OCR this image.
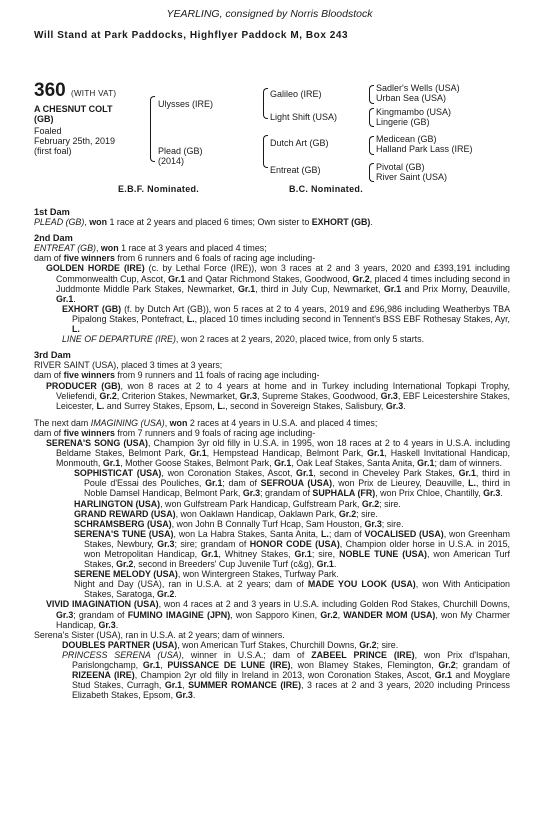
YEARLING, consigned by Norris Bloodstock
Will Stand at Park Paddocks, Highflyer Paddock M, Box 243
360 (WITH VAT)
A CHESNUT COLT
(GB)
Foaled
February 25th, 2019
(first foal)
Ulysses (IRE)
Plead (GB)
(2014)
Galileo (IRE)
Light Shift (USA)
Dutch Art (GB)
Entreat (GB)
Sadler's Wells (USA)
Urban Sea (USA)
Kingmambo (USA)
Lingerie (GB)
Medicean (GB)
Halland Park Lass (IRE)
Pivotal (GB)
River Saint (USA)
E.B.F. Nominated.	B.C. Nominated.

1st Dam

PLEAD (GB), won 1 race at 2 years and placed 6 times; Own sister to EXHORT (GB).

2nd Dam

ENTREAT (GB), won 1 race at 3 years and placed 4 times;

dam of five winners from 6 runners and 6 foals of racing age including-

GOLDEN HORDE (IRE) (c. by Lethal Force (IRE)), won 3 races at 2 and 3 years, 2020 and £393,191 including Commonwealth Cup, Ascot, Gr.1 and Qatar Richmond Stakes, Goodwood, Gr.2, placed 4 times including second in Juddmonte Middle Park Stakes, Newmarket, Gr.1, third in July Cup, Newmarket, Gr.1 and Prix Morny, Deauville, Gr.1.

EXHORT (GB) (f. by Dutch Art (GB)), won 5 races at 2 to 4 years, 2019 and £96,986 including Weatherbys TBA Pipalong Stakes, Pontefract, L., placed 10 times including second in Tennent's BSS EBF Rothesay Stakes, Ayr, L.

LINE OF DEPARTURE (IRE), won 2 races at 2 years, 2020, placed twice, from only 5 starts.

3rd Dam

RIVER SAINT (USA), placed 3 times at 3 years;

dam of five winners from 9 runners and 11 foals of racing age including-

PRODUCER (GB), won 8 races at 2 to 4 years at home and in Turkey including International Topkapi Trophy, Veliefendi, Gr.2, Criterion Stakes, Newmarket, Gr.3, Supreme Stakes, Goodwood, Gr.3, EBF Leicestershire Stakes, Leicester, L. and Surrey Stakes, Epsom, L., second in Sovereign Stakes, Salisbury, Gr.3.

The next dam IMAGINING (USA), won 2 races at 4 years in U.S.A. and placed 4 times;

dam of five winners from 7 runners and 9 foals of racing age including-

SERENA'S SONG (USA), Champion 3yr old filly in U.S.A. in 1995, won 18 races at 2 to 4 years in U.S.A. including Beldame Stakes, Belmont Park, Gr.1, Hempstead Handicap, Belmont Park, Gr.1, Haskell Invitational Handicap, Monmouth, Gr.1, Mother Goose Stakes, Belmont Park, Gr.1, Oak Leaf Stakes, Santa Anita, Gr.1; dam of winners.

SOPHISTICAT (USA), won Coronation Stakes, Ascot, Gr.1, second in Cheveley Park Stakes, Gr.1, third in Poule d'Essai des Pouliches, Gr.1; dam of SEFROUA (USA), won Prix de Lieurey, Deauville, L., third in Noble Damsel Handicap, Belmont Park, Gr.3; grandam of SUPHALA (FR), won Prix Chloe, Chantilly, Gr.3.

HARLINGTON (USA), won Gulfstream Park Handicap, Gulfstream Park, Gr.2; sire.

GRAND REWARD (USA), won Oaklawn Handicap, Oaklawn Park, Gr.2; sire.

SCHRAMSBERG (USA), won John B Connally Turf Hcap, Sam Houston, Gr.3; sire.

SERENA'S TUNE (USA), won La Habra Stakes, Santa Anita, L.; dam of VOCALISED (USA), won Greenham Stakes, Newbury, Gr.3; sire; grandam of HONOR CODE (USA), Champion older horse in U.S.A. in 2015, won Metropolitan Handicap, Gr.1, Whitney Stakes, Gr.1; sire, NOBLE TUNE (USA), won American Turf Stakes, Gr.2, second in Breeders' Cup Juvenile Turf (c&g), Gr.1.

SERENE MELODY (USA), won Wintergreen Stakes, Turfway Park.

Night and Day (USA), ran in U.S.A. at 2 years; dam of MADE YOU LOOK (USA), won With Anticipation Stakes, Saratoga, Gr.2.

VIVID IMAGINATION (USA), won 4 races at 2 and 3 years in U.S.A. including Golden Rod Stakes, Churchill Downs, Gr.3; grandam of FUMINO IMAGINE (JPN), won Sapporo Kinen, Gr.2, WANDER MOM (USA), won My Charmer Handicap, Gr.3.

Serena's Sister (USA), ran in U.S.A. at 2 years; dam of winners.

DOUBLES PARTNER (USA), won American Turf Stakes, Churchill Downs, Gr.2; sire.

PRINCESS SERENA (USA), winner in U.S.A.; dam of ZABEEL PRINCE (IRE), won Prix d'Ispahan, Parislongchamp, Gr.1, PUISSANCE DE LUNE (IRE), won Blamey Stakes, Flemington, Gr.2; grandam of RIZEENA (IRE), Champion 2yr old filly in Ireland in 2013, won Coronation Stakes, Ascot, Gr.1 and Moyglare Stud Stakes, Curragh, Gr.1, SUMMER ROMANCE (IRE), 3 races at 2 and 3 years, 2020 including Princess Elizabeth Stakes, Epsom, Gr.3.
